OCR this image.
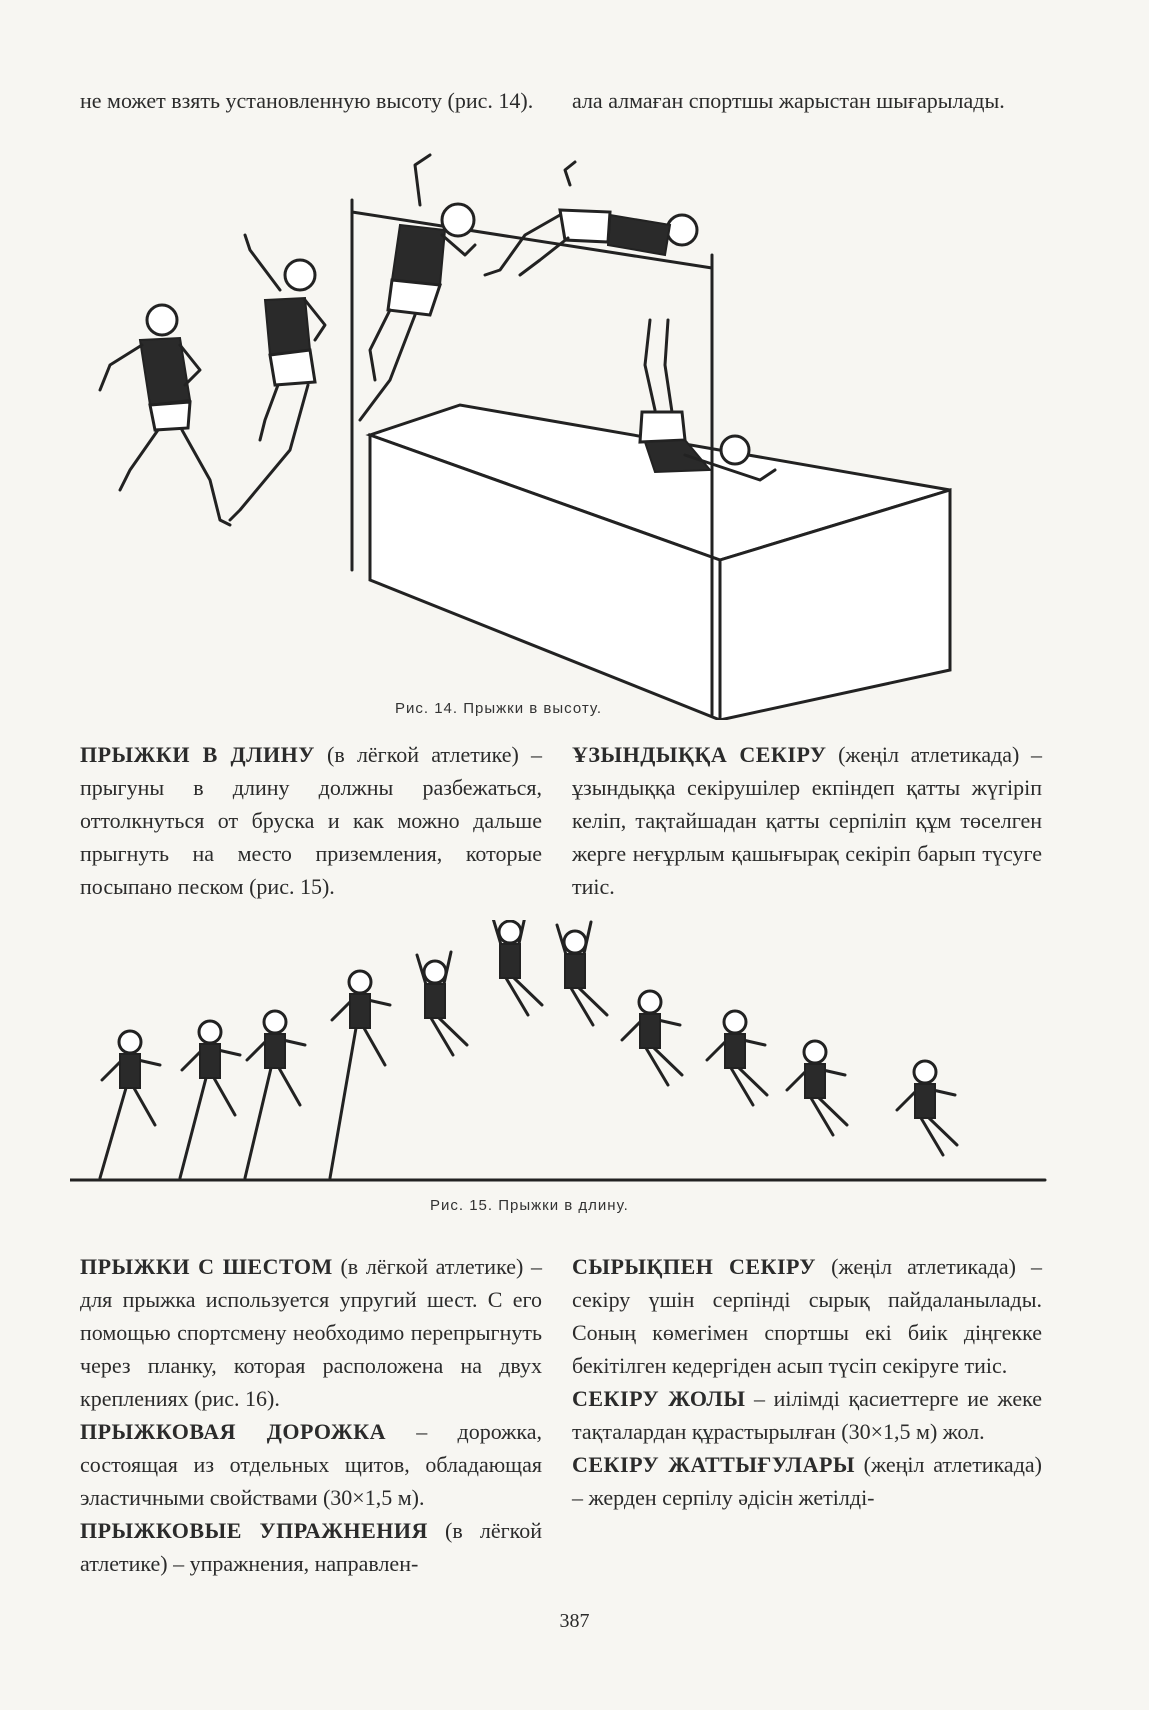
не может взять установленную высоту (рис. 14).	ала алмаған спортшы жарыстан шығарылады.

Рис. 14. Прыжки в высоту.

ПРЫЖКИ В ДЛИНУ (в лёгкой атлетике) – прыгуны в длину должны разбежаться, оттолкнуться от бруска и как можно дальше прыгнуть на место приземления, которые посыпано песком (рис. 15).

ҰЗЫНДЫҚҚА СЕКІРУ (жеңіл атлетикада) – ұзындыққа секірушілер екпіндеп қатты жүгіріп келіп, тақтайшадан қатты серпіліп құм төселген жерге неғұрлым қашығырақ секіріп барып түсуге тиіс.

Рис. 15. Прыжки в длину.

ПРЫЖКИ С ШЕСТОМ (в лёгкой атлетике) – для прыжка используется упругий шест. С его помощью спортсмену необходимо перепрыгнуть через планку, которая расположена на двух креплениях (рис. 16).

ПРЫЖКОВАЯ ДОРОЖКА – дорожка, состоящая из отдельных щитов, обладающая эластичными свойствами (30×1,5 м).

ПРЫЖКОВЫЕ УПРАЖНЕНИЯ (в лёгкой атлетике) – упражнения, направлен-

СЫРЫҚПЕН СЕКІРУ (жеңіл атлетикада) – секіру үшін серпінді сырық пайдаланылады. Соның көмегімен спортшы екі биік діңгекке бекітілген кедергіден асып түсіп секіруге тиіс.

СЕКІРУ ЖОЛЫ – иілімді қасиеттерге ие жеке тақталардан құрастырылған (30×1,5 м) жол.

СЕКІРУ ЖАТТЫҒУЛАРЫ (жеңіл атлетикада) – жерден серпілу әдісін жетілді-

387
